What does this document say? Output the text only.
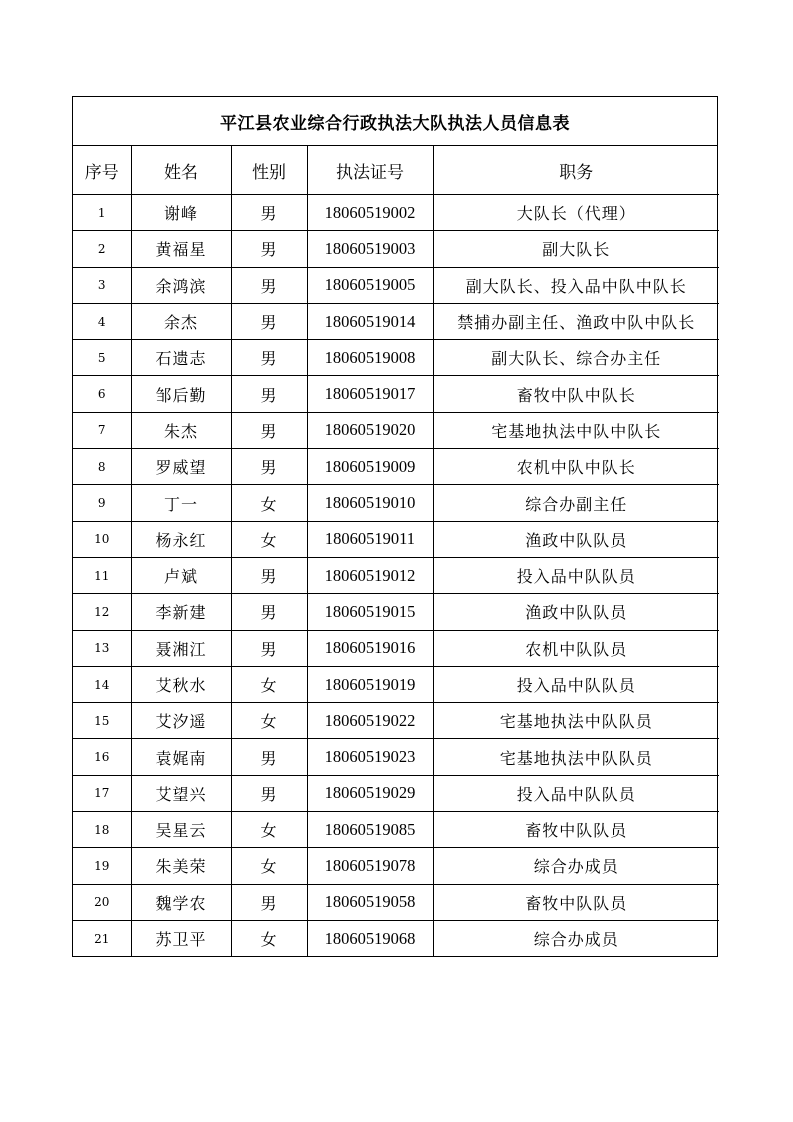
平江县农业综合行政执法大队执法人员信息表
序号	姓名	性别	执法证号	职务
1	谢峰	男	18060519002	大队长（代理）
2	黄福星	男	18060519003	副大队长
3	余鸿滨	男	18060519005	副大队长、投入品中队中队长
4	余杰	男	18060519014	禁捕办副主任、渔政中队中队长
5	石遗志	男	18060519008	副大队长、综合办主任
6	邹后勤	男	18060519017	畜牧中队中队长
7	朱杰	男	18060519020	宅基地执法中队中队长
8	罗威望	男	18060519009	农机中队中队长
9	丁一	女	18060519010	综合办副主任
10	杨永红	女	18060519011	渔政中队队员
11	卢斌	男	18060519012	投入品中队队员
12	李新建	男	18060519015	渔政中队队员
13	聂湘江	男	18060519016	农机中队队员
14	艾秋水	女	18060519019	投入品中队队员
15	艾汐遥	女	18060519022	宅基地执法中队队员
16	袁娓南	男	18060519023	宅基地执法中队队员
17	艾望兴	男	18060519029	投入品中队队员
18	吴星云	女	18060519085	畜牧中队队员
19	朱美荣	女	18060519078	综合办成员
20	魏学农	男	18060519058	畜牧中队队员
21	苏卫平	女	18060519068	综合办成员
